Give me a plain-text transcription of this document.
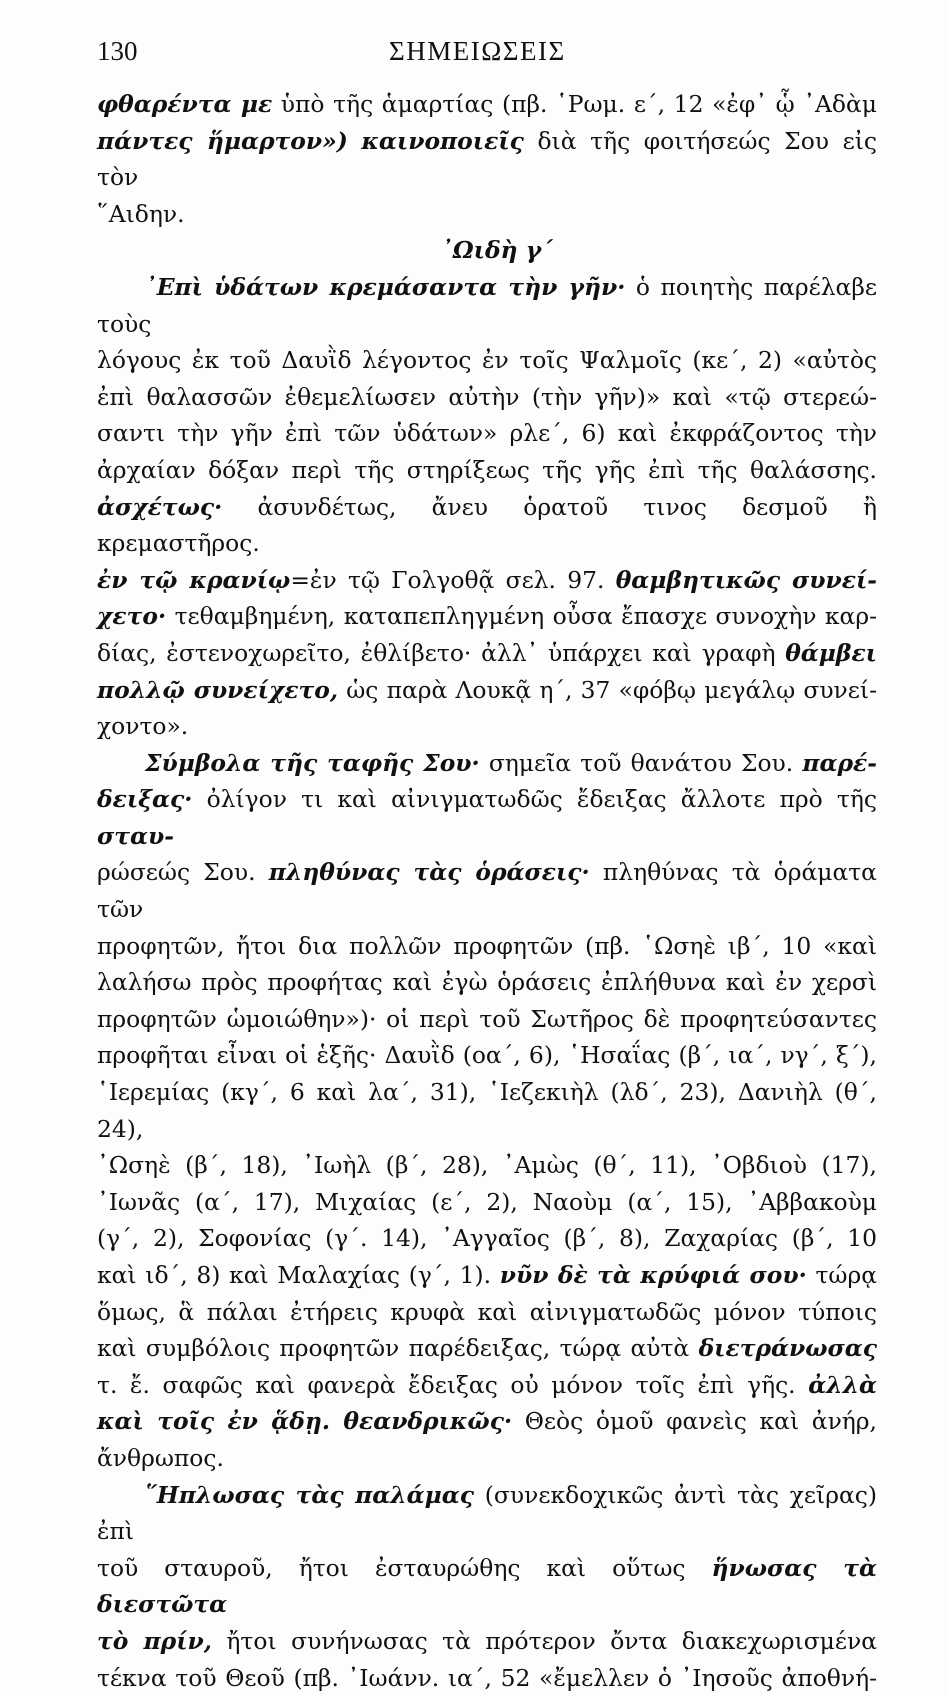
130	ΣΗΜΕΙΩΣΕΙΣ
φθαρέντα με ὑπὸ τῆς ἁμαρτίας (πβ. ῾Ρωμ. ε΄, 12 «ἐφ᾿ ᾧ ᾿Αδὰμ
πάντες ἥμαρτον») καινοποιεῖς διὰ τῆς φοιτήσεώς Σου εἰς τὸν
῞Αιδην.
᾿Ωιδὴ γ΄
᾿Επὶ ὑδάτων κρεμάσαντα τὴν γῆν· ὁ ποιητὴς παρέλαβε τοὺς
λόγους ἐκ τοῦ Δαυῒδ λέγοντος ἐν τοῖς Ψαλμοῖς (κε΄, 2) «αὐτὸς
ἐπὶ θαλασσῶν ἐθεμελίωσεν αὐτὴν (τὴν γῆν)» καὶ «τῷ στερεώ-
σαντι τὴν γῆν ἐπὶ τῶν ὑδάτων» ρλε΄, 6) καὶ ἐκφράζοντος τὴν
ἀρχαίαν δόξαν περὶ τῆς στηρίξεως τῆς γῆς ἐπὶ τῆς θαλάσσης.
ἀσχέτως· ἀσυνδέτως, ἄνευ ὁρατοῦ τινος δεσμοῦ ἢ κρεμαστῆρος.
ἐν τῷ κρανίῳ=ἐν τῷ Γολγοθᾷ σελ. 97. θαμβητικῶς συνεί-
χετο· τεθαμβημένη, καταπεπληγμένη οὖσα ἔπασχε συνοχὴν καρ-
δίας, ἐστενοχωρεῖτο, ἐθλίβετο· ἀλλ᾿ ὑπάρχει καὶ γραφὴ θάμβει
πολλῷ συνείχετο, ὡς παρὰ Λουκᾷ η΄, 37 «φόβῳ μεγάλῳ συνεί-
χοντο».
Σύμβολα τῆς ταφῆς Σου· σημεῖα τοῦ θανάτου Σου. παρέ-
δειξας· ὀλίγον τι καὶ αἰνιγματωδῶς ἔδειξας ἄλλοτε πρὸ τῆς σταυ-
ρώσεώς Σου. πληθύνας τὰς ὁράσεις· πληθύνας τὰ ὁράματα τῶν
προφητῶν, ἤτοι δια πολλῶν προφητῶν (πβ. ῾Ωσηὲ ιβ΄, 10 «καὶ
λαλήσω πρὸς προφήτας καὶ ἐγὼ ὁράσεις ἐπλήθυνα καὶ ἐν χερσὶ
προφητῶν ὡμοιώθην»)· οἱ περὶ τοῦ Σωτῆρος δὲ προφητεύσαντες
προφῆται εἶναι οἱ ἑξῆς· Δαυῒδ (οα΄, 6), ῾Ησαΐας (β΄, ια΄, νγ΄, ξ΄),
῾Ιερεμίας (κγ΄, 6 καὶ λα΄, 31), ῾Ιεζεκιὴλ (λδ΄, 23), Δανιὴλ (θ΄, 24),
᾿Ωσηὲ (β΄, 18), ᾿Ιωὴλ (β΄, 28), ᾿Αμὼς (θ΄, 11), ᾿Οβδιοὺ (17),
᾿Ιωνᾶς (α΄, 17), Μιχαίας (ε΄, 2), Ναοὺμ (α΄, 15), ᾿Αββακοὺμ
(γ΄, 2), Σοφονίας (γ΄. 14), ᾿Αγγαῖος (β΄, 8), Ζαχαρίας (β΄, 10
καὶ ιδ΄, 8) καὶ Μαλαχίας (γ΄, 1). νῦν δὲ τὰ κρύφιά σου· τώρᾳ
ὅμως, ἃ πάλαι ἐτήρεις κρυφὰ καὶ αἰνιγματωδῶς μόνον τύποις
καὶ συμβόλοις προφητῶν παρέδειξας, τώρᾳ αὐτὰ διετράνωσας
τ. ἔ. σαφῶς καὶ φανερὰ ἔδειξας οὐ μόνον τοῖς ἐπὶ γῆς. ἀλλὰ
καὶ τοῖς ἐν ᾅδῃ. θεανδρικῶς· Θεὸς ὁμοῦ φανεὶς καὶ ἀνήρ,
ἄνθρωπος.
῞Ηπλωσας τὰς παλάμας (συνεκδοχικῶς ἀντὶ τὰς χεῖρας) ἐπὶ
τοῦ σταυροῦ, ἤτοι ἐσταυρώθης καὶ οὕτως ἥνωσας τὰ διεστῶτα
τὸ πρίν, ἤτοι συνήνωσας τὰ πρότερον ὄντα διακεχωρισμένα
τέκνα τοῦ Θεοῦ (πβ. ᾿Ιωάνν. ια΄, 52 «ἔμελλεν ὁ ᾿Ιησοῦς ἀποθνή-
